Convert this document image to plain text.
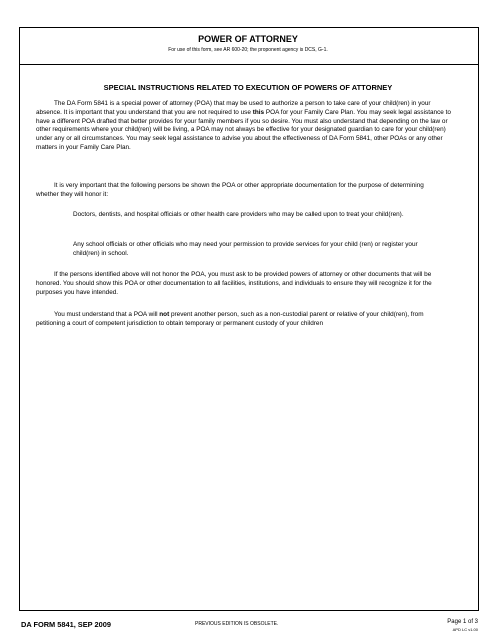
POWER OF ATTORNEY
For use of this form, see AR 600-20; the proponent agency is DCS, G-1.
SPECIAL INSTRUCTIONS RELATED TO EXECUTION OF POWERS OF ATTORNEY

The DA Form 5841 is a special power of attorney (POA) that may be used to authorize a person to take care of your child(ren) in your absence. It is important that you understand that you are not required to use this POA for your Family Care Plan. You may seek legal assistance to have a different POA drafted that better provides for your family members if you so desire. You must also understand that depending on the law or other requirements where your child(ren) will be living, a POA may not always be effective for your designated guardian to care for your child(ren) under any or all circumstances. You may seek legal assistance to advise you about the effectiveness of DA Form 5841, other POAs or any other matters in your Family Care Plan.

It is very important that the following persons be shown the POA or other appropriate documentation for the purpose of determining whether they will honor it:

Doctors, dentists, and hospital officials or other health care providers who may be called upon to treat your child(ren).

Any school officials or other officials who may need your permission to provide services for your child (ren) or register your child(ren) in school.

If the persons identified above will not honor the POA, you must ask to be provided powers of attorney or other documents that will be honored. You should show this POA or other documentation to all facilities, institutions, and individuals to ensure they will recognize it for the purposes you have intended.

You must understand that a POA will not prevent another person, such as a non-custodial parent or relative of your child(ren), from petitioning a court of competent jurisdiction to obtain temporary or permanent custody of your children

DA FORM 5841, SEP 2009	PREVIOUS EDITION IS OBSOLETE.	Page 1 of 3
APD LC v1.00
